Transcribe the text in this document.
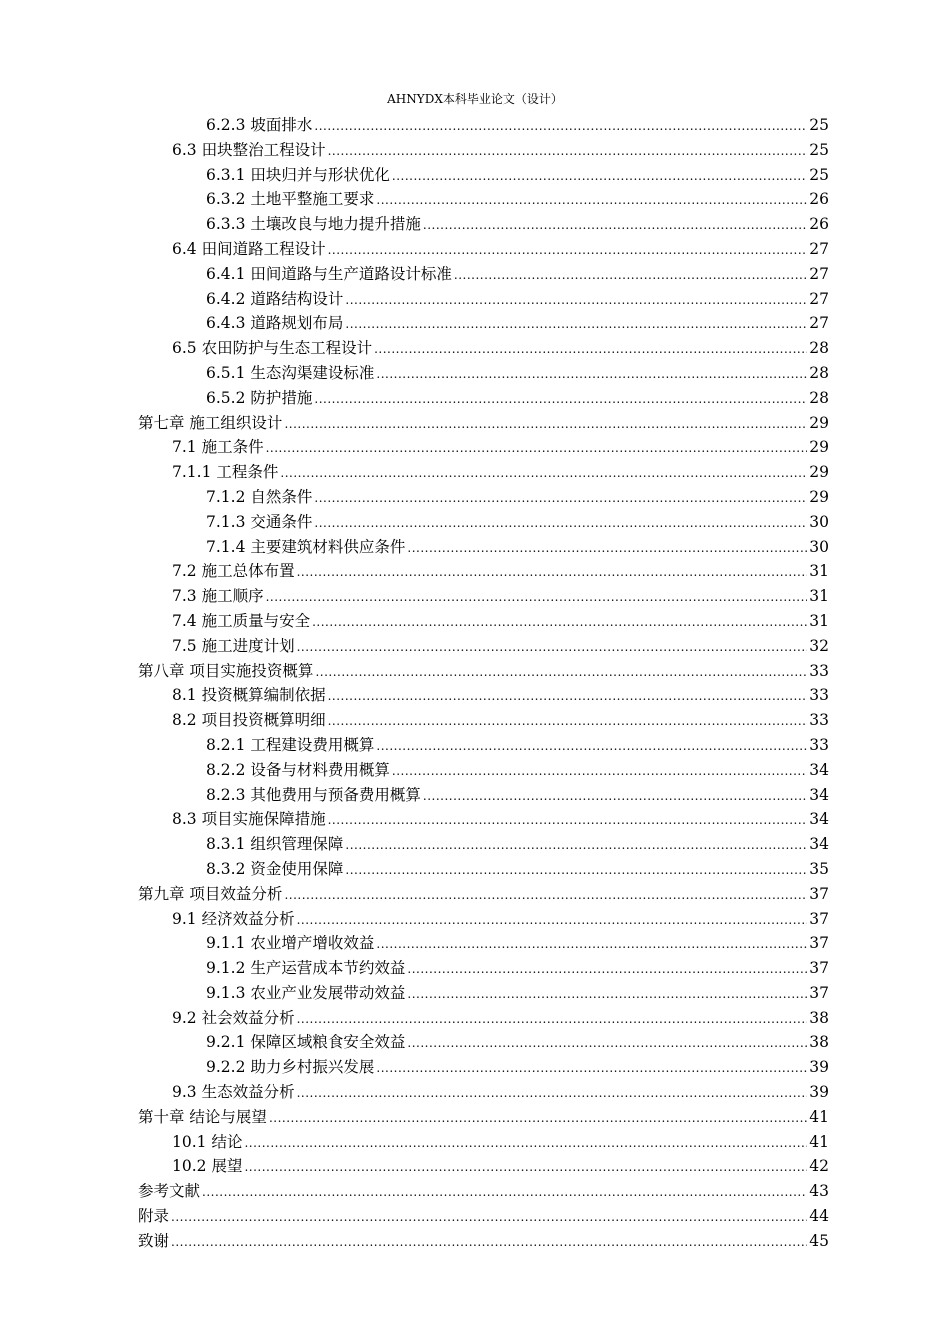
AHNYDX本科毕业论文（设计）
6.2.3 坡面排水 .....	25
6.3 田块整治工程设计 .....	25
6.3.1 田块归并与形状优化 .....	25
6.3.2 土地平整施工要求 .....	26
6.3.3 土壤改良与地力提升措施 .....	26
6.4 田间道路工程设计 .....	27
6.4.1 田间道路与生产道路设计标准 .....	27
6.4.2 道路结构设计 .....	27
6.4.3 道路规划布局 .....	27
6.5 农田防护与生态工程设计 .....	28
6.5.1 生态沟渠建设标准 .....	28
6.5.2 防护措施 .....	28
第七章 施工组织设计 .....	29
7.1 施工条件 .....	29
7.1.1 工程条件 .....	29
7.1.2 自然条件 .....	29
7.1.3 交通条件 .....	30
7.1.4 主要建筑材料供应条件 .....	30
7.2 施工总体布置 .....	31
7.3 施工顺序 .....	31
7.4 施工质量与安全 .....	31
7.5 施工进度计划 .....	32
第八章 项目实施投资概算 .....	33
8.1 投资概算编制依据 .....	33
8.2 项目投资概算明细 .....	33
8.2.1 工程建设费用概算 .....	33
8.2.2 设备与材料费用概算 .....	34
8.2.3 其他费用与预备费用概算 .....	34
8.3 项目实施保障措施 .....	34
8.3.1 组织管理保障 .....	34
8.3.2 资金使用保障 .....	35
第九章 项目效益分析 .....	37
9.1 经济效益分析 .....	37
9.1.1 农业增产增收效益 .....	37
9.1.2 生产运营成本节约效益 .....	37
9.1.3 农业产业发展带动效益 .....	37
9.2 社会效益分析 .....	38
9.2.1 保障区域粮食安全效益 .....	38
9.2.2 助力乡村振兴发展 .....	39
9.3 生态效益分析 .....	39
第十章 结论与展望 .....	41
10.1 结论 .....	41
10.2 展望 .....	42
参考文献 .....	43
附录 .....	44
致谢 .....	45
